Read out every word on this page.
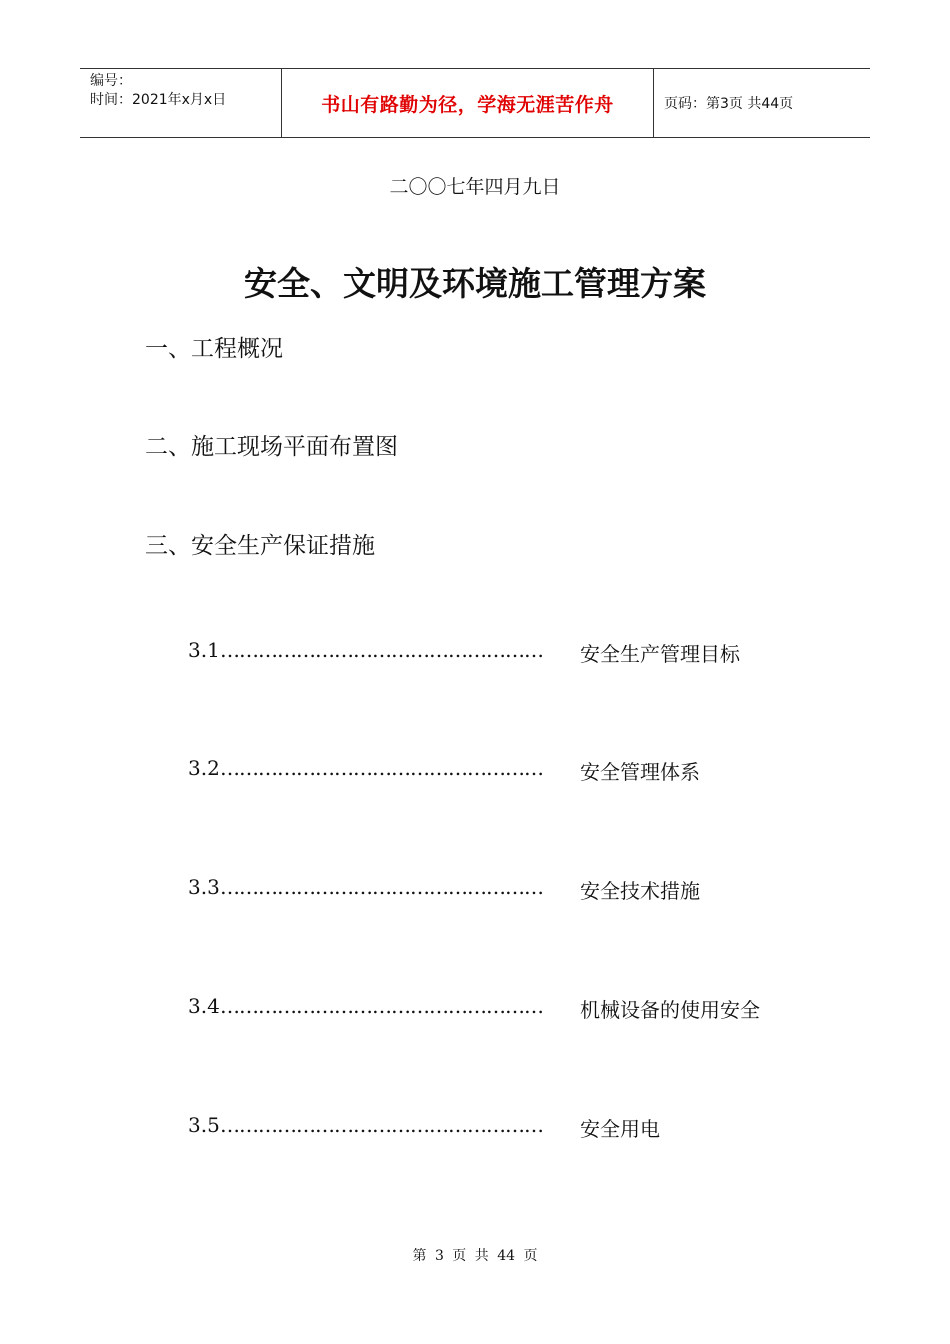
编号：
时间：2021年x月x日	书山有路勤为径，学海无涯苦作舟	页码：第3页 共44页
二〇〇七年四月九日
安全、文明及环境施工管理方案
一、工程概况
二、施工现场平面布置图
三、安全生产保证措施
3.1 …………………………………………… 安全生产管理目标
3.2 …………………………………………… 安全管理体系
3.3 …………………………………………… 安全技术措施
3.4 …………………………………………… 机械设备的使用安全
3.5 …………………………………………… 安全用电
第 3 页 共 44 页
